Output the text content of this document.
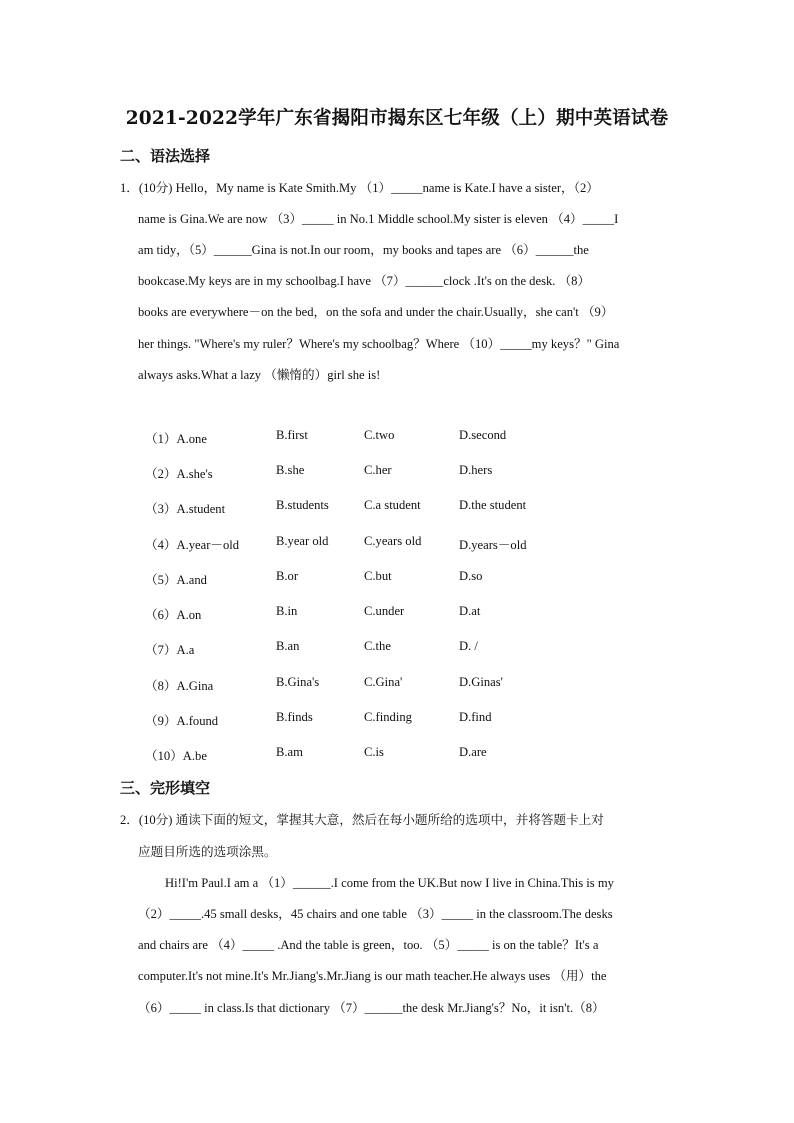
2021-2022学年广东省揭阳市揭东区七年级（上）期中英语试卷
二、语法选择
1．(10分) Hello，My name is Kate Smith.My （1）_____name is Kate.I have a sister，（2）
name is Gina.We are now （3）_____ in No.1 Middle school.My sister is eleven （4）_____I
am tidy，（5）______Gina is not.In our room，my books and tapes are （6）______the
bookcase.My keys are in my schoolbag.I have （7）______clock .It's on the desk. （8）
books are everywhere－on the bed，on the sofa and under the chair.Usually，she can't （9）
her things. "Where's my ruler？Where's my schoolbag？Where （10）_____my keys？" Gina
always asks.What a lazy （懒惰的）girl she is!
（1）A.one	B.first	C.two	D.second
（2）A.she's	B.she	C.her	D.hers
（3）A.student	B.students	C.a student	D.the student
（4）A.year－old	B.year old	C.years old	D.years－old
（5）A.and	B.or	C.but	D.so
（6）A.on	B.in	C.under	D.at
（7）A.a	B.an	C.the	D. /
（8）A.Gina	B.Gina's	C.Gina'	D.Ginas'
（9）A.found	B.finds	C.finding	D.find
（10）A.be	B.am	C.is	D.are
三、完形填空
2．(10分) 通读下面的短文，掌握其大意，然后在每小题所给的选项中，并将答题卡上对
应题目所选的选项涂黑。
Hi!I'm Paul.I am a （1）______.I come from the UK.But now I live in China.This is my
（2）_____.45 small desks，45 chairs and one table （3）_____ in the classroom.The desks
and chairs are （4）_____ .And the table is green，too. （5）_____ is on the table？It's a
computer.It's not mine.It's Mr.Jiang's.Mr.Jiang is our math teacher.He always uses （用）the
（6）_____ in class.Is that dictionary （7）______the desk Mr.Jiang's？No，it isn't.（8）
